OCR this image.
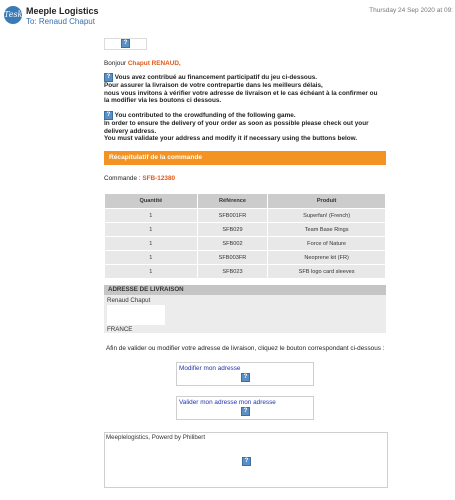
Tesk Meeple Logistics
To: Renaud Chaput
Thursday 24 Sep 2020 at 09:
?
Bonjour Chaput RENAUD,
? Vous avez contribué au financement participatif du jeu ci-dessous.
Pour assurer la livraison de votre contrepartie dans les meilleurs délais,
nous vous invitons à vérifier votre adresse de livraison et le cas échéant à la confirmer ou
la modifier via les boutons ci dessous.
? You contributed to the crowdfunding of the following game.
In order to ensure the delivery of your order as soon as possible please check out your
delivery address.
You must validate your address and modify it if necessary using the buttons below.
Récapitulatif de la commande
Commande : SFB-12380
Quantité	Référence	Produit
1	SFB001FR	Superfan! (French)
1	SFB029	Team Base Rings
1	SFB002	Force of Nature
1	SFB003FR	Neoprene kit (FR)
1	SFB023	SFB logo card sleeves
ADRESSE DE LIVRAISON
Renaud Chaput
FRANCE
Afin de valider ou modifier votre adresse de livraison, cliquez le bouton correspondant ci-dessous :
Modifier mon adresse
?
Valider mon adresse mon adresse
?
Meeplelogistics, Powerd by Philibert
?
